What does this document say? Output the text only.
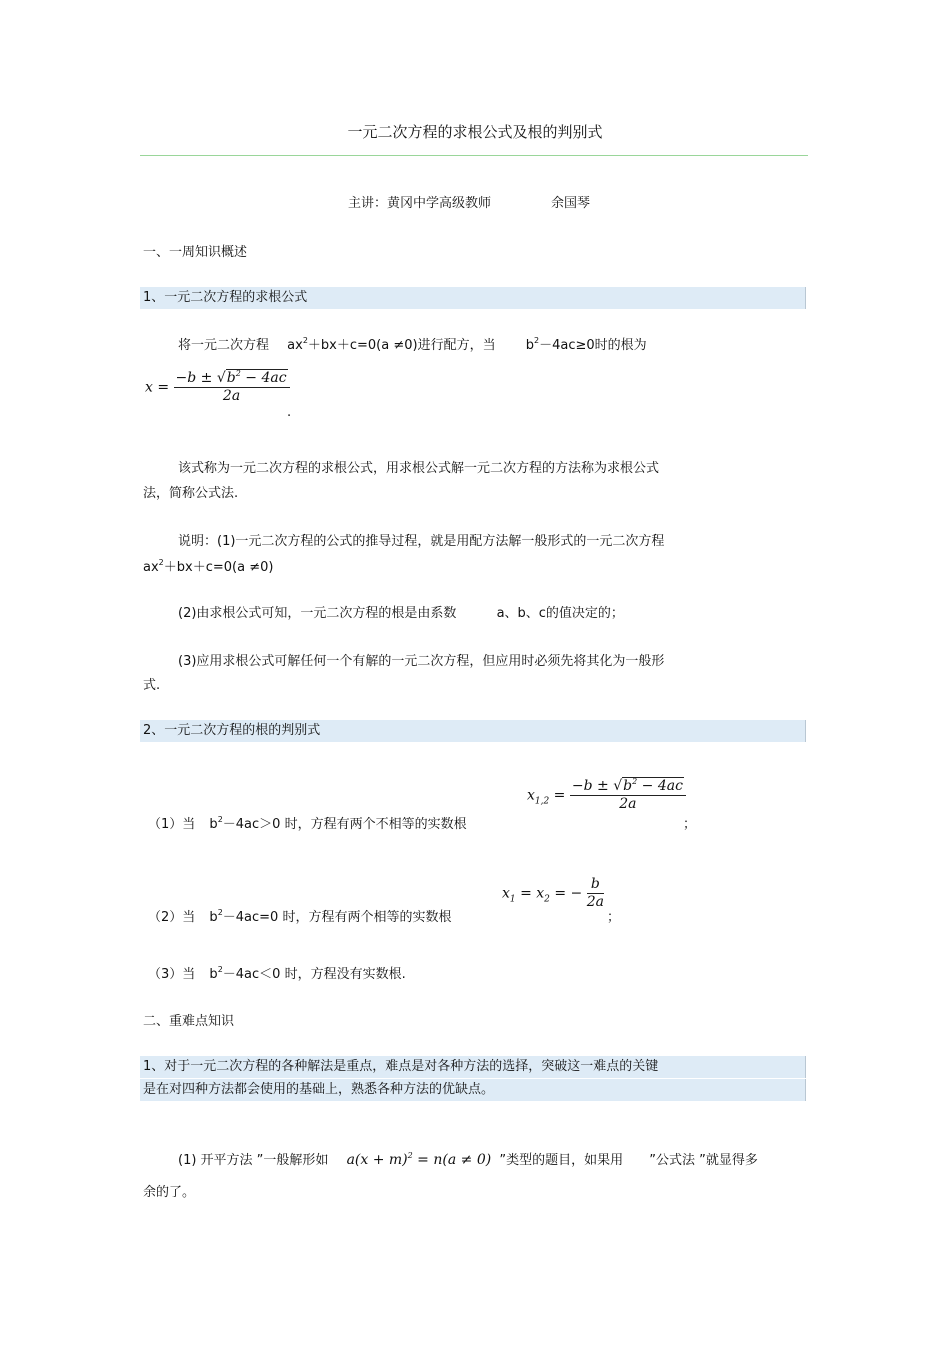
一元二次方程的求根公式及根的判别式
主讲：黄冈中学高级教师	余国琴
一、一周知识概述
1、一元二次方程的求根公式
将一元二次方程 $ax^2+bx+c=0(a \ne 0)$进行配方，当 $b^2-4ac\ge 0$时的根为
$x = \frac{-b \pm √b^2 - 4ac}{2a}$
.
该式称为一元二次方程的求根公式，用求根公式解一元二次方程的方法称为求根公式
法，简称公式法.
说明：(1)一元二次方程的公式的推导过程，就是用配方法解一般形式的一元二次方程
$ax^2+bx+c=0(a \ne 0)$
(2)由求根公式可知，一元二次方程的根是由系数	a、b、c的值决定的；
(3)应用求根公式可解任何一个有解的一元二次方程，但应用时必须先将其化为一般形
式.
2、一元二次方程的根的判别式
（1）当 $b^2-4ac>0$ 时，方程有两个不相等的实数根
$x_{1,2} = \frac{-b \pm √b^2 - 4ac}{2a}$
；
（2）当 $b^2-4ac=0$ 时，方程有两个相等的实数根
$x_1 = x_2$ = − $\frac{b}{2a}$
；
（3）当 $b^2-4ac<0$ 时，方程没有实数根.
二、重难点知识
1、对于一元二次方程的各种解法是重点，难点是对各种方法的选择，突破这一难点的关键
是在对四种方法都会使用的基础上，熟悉各种方法的优缺点。
(1) 开平方法 ”一般解形如 $a(x + m)^2 = n(a \ne 0)$ ”类型的题目，如果用 ”公式法 ”就显得多
余的了。
